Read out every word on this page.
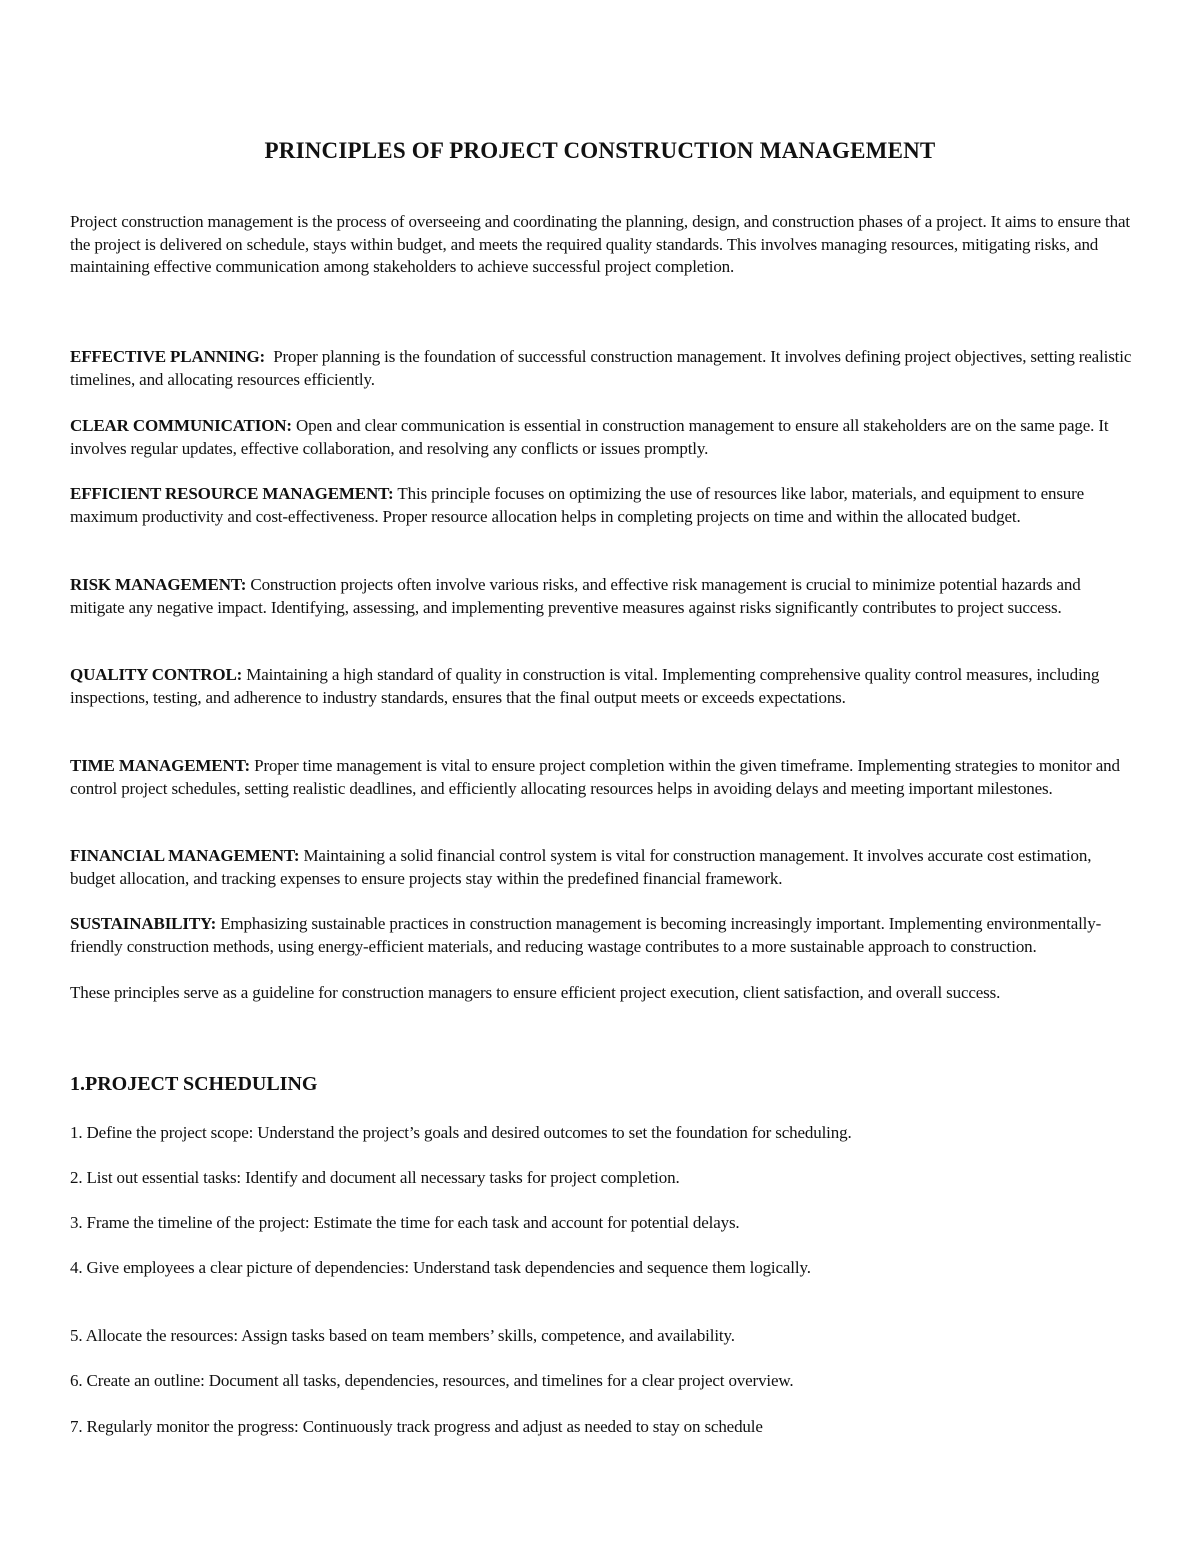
PRINCIPLES OF PROJECT CONSTRUCTION MANAGEMENT
Project construction management is the process of overseeing and coordinating the planning, design, and construction phases of a project. It aims to ensure that the project is delivered on schedule, stays within budget, and meets the required quality standards. This involves managing resources, mitigating risks, and maintaining effective communication among stakeholders to achieve successful project completion.
EFFECTIVE PLANNING: Proper planning is the foundation of successful construction management. It involves defining project objectives, setting realistic timelines, and allocating resources efficiently.
CLEAR COMMUNICATION: Open and clear communication is essential in construction management to ensure all stakeholders are on the same page. It involves regular updates, effective collaboration, and resolving any conflicts or issues promptly.
EFFICIENT RESOURCE MANAGEMENT: This principle focuses on optimizing the use of resources like labor, materials, and equipment to ensure maximum productivity and cost-effectiveness. Proper resource allocation helps in completing projects on time and within the allocated budget.
RISK MANAGEMENT: Construction projects often involve various risks, and effective risk management is crucial to minimize potential hazards and mitigate any negative impact. Identifying, assessing, and implementing preventive measures against risks significantly contributes to project success.
QUALITY CONTROL: Maintaining a high standard of quality in construction is vital. Implementing comprehensive quality control measures, including inspections, testing, and adherence to industry standards, ensures that the final output meets or exceeds expectations.
TIME MANAGEMENT: Proper time management is vital to ensure project completion within the given timeframe. Implementing strategies to monitor and control project schedules, setting realistic deadlines, and efficiently allocating resources helps in avoiding delays and meeting important milestones.
FINANCIAL MANAGEMENT: Maintaining a solid financial control system is vital for construction management. It involves accurate cost estimation, budget allocation, and tracking expenses to ensure projects stay within the predefined financial framework.
SUSTAINABILITY: Emphasizing sustainable practices in construction management is becoming increasingly important. Implementing environmentally-friendly construction methods, using energy-efficient materials, and reducing wastage contributes to a more sustainable approach to construction.
These principles serve as a guideline for construction managers to ensure efficient project execution, client satisfaction, and overall success.
1.PROJECT SCHEDULING
1. Define the project scope: Understand the project’s goals and desired outcomes to set the foundation for scheduling.
2. List out essential tasks: Identify and document all necessary tasks for project completion.
3. Frame the timeline of the project: Estimate the time for each task and account for potential delays.
4. Give employees a clear picture of dependencies: Understand task dependencies and sequence them logically.
5. Allocate the resources: Assign tasks based on team members’ skills, competence, and availability.
6. Create an outline: Document all tasks, dependencies, resources, and timelines for a clear project overview.
7. Regularly monitor the progress: Continuously track progress and adjust as needed to stay on schedule
